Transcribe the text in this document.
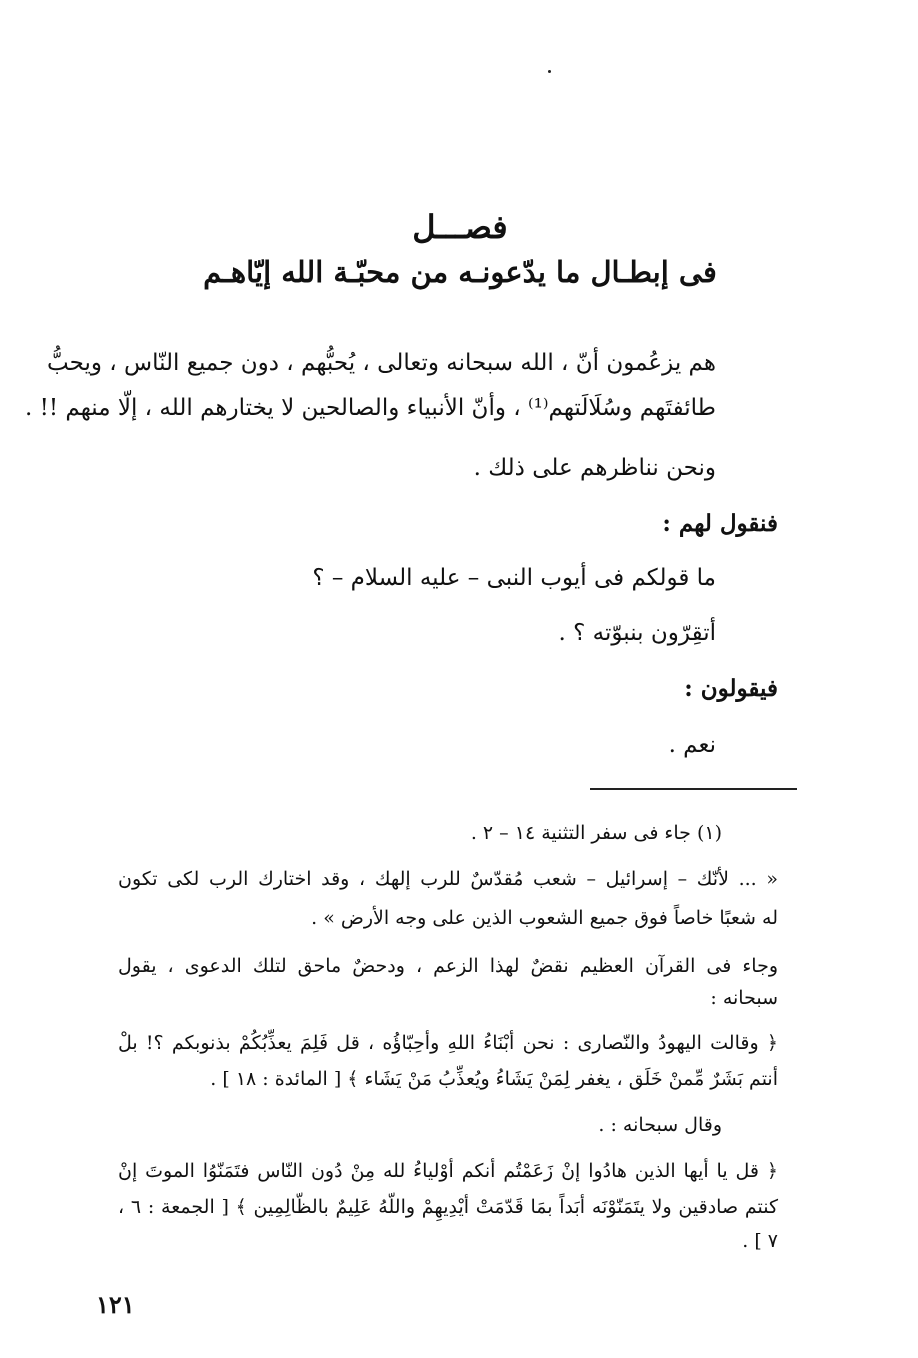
فصـــل
فى إبطـال ما يدّعونـه من محبّـة الله إيّاهـم
هم يزعُمون أنّ ، الله سبحانه وتعالى ، يُحبُّهم ، دون جميع النّاس ، ويحبُّ
طائفتَهم وسُلَالَتهم⁽¹⁾ ، وأنّ الأنبياء والصالحين لا يختارهم الله ، إلّا منهم !! .
ونحن نناظرهم على ذلك .
فنقول لهم :
ما قولكم فى أيوب النبى – عليه السلام – ؟
أتقِرّون بنبوّته ؟ .
فيقولون :
نعم .
(١) جاء فى سفر التثنية ١٤ – ٢ .
« ... لأنّك – إسرائيل – شعب مُقدّسٌ للرب إلهك ، وقد اختارك الرب لكى تكون
له شعبًا خاصاً فوق جميع الشعوب الذين على وجه الأرض » .
وجاء فى القرآن العظيم نقضٌ لهذا الزعم ، ودحضٌ ماحق لتلك الدعوى ، يقول
سبحانه :
﴿ وقالت اليهودُ والنّصارى : نحن أبْنَاءُ اللهِ وأحِبّاؤُه ، قل فَلِمَ يعذِّبُكُمْ بذنوبكم ؟! بلْ
أنتم بَشَرٌ مِّمنْ خَلَق ، يغفر لِمَنْ يَشَاءُ ويُعذِّبُ مَنْ يَشَاء ﴾ [ المائدة : ١٨ ] .
وقال سبحانه : .
﴿ قل يا أيها الذين هادُوا إنْ زَعَمْتُم أنكم أوْلياءُ لله مِنْ دُون النّاس فتَمَنّوُا الموتَ إنْ
كنتم صادقين ولا يتَمَنّوْنَه أبَداً بمَا قَدّمَتْ أيْدِيهِمْ واللّهُ عَلِيمٌ بالظّالِمِين ﴾ [ الجمعة : ٦ ،
٧ ] .
١٢١
